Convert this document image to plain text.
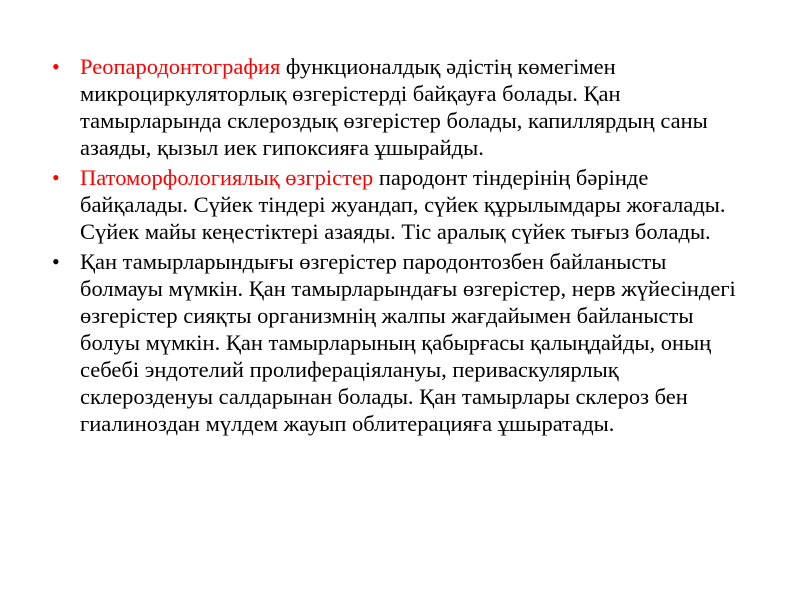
• Реопародонтография функционалдық әдістің көмегімен микроциркуляторлық өзгерістерді байқауға болады. Қан тамырларында склероздық өзгерістер болады, капиллярдың саны азаяды, қызыл иек гипоксияға ұшырайды.
• Патоморфологиялық өзгрістер пародонт тіндерінің бәрінде байқалады. Сүйек тіндері жуандап, сүйек құрылымдары жоғалады. Сүйек майы кеңестіктері азаяды. Тіс аралық сүйек тығыз болады.
• Қан тамырларындығы өзгерістер пародонтозбен байланысты болмауы мүмкін. Қан тамырларындағы өзгерістер, нерв жүйесіндегі өзгерістер сияқты организмнің жалпы жағдайымен байланысты болуы мүмкін. Қан тамырларының қабырғасы қалыңдайды, оның себебі эндотелий пролифераціялануы, периваскулярлық склерозденуы салдарынан болады. Қан тамырлары склероз бен гиалиноздан мүлдем жауып облитерацияға ұшыратады.
